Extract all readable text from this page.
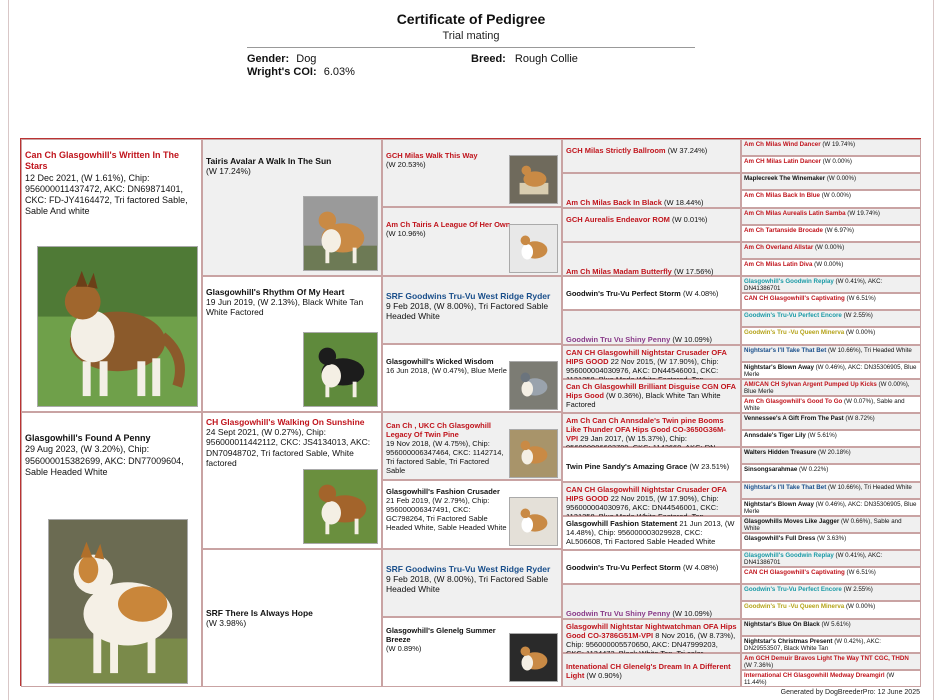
Certificate of Pedigree
Trial mating
Gender: Dog	Breed: Rough Collie
Wright's COI: 6.03%
Can Ch Glasgowhill's Written In The Stars
12 Dec 2021, (W 1.61%), Chip: 956000011437472, AKC: DN69871401, CKC: FD-JY4164472, Tri factored Sable, Sable And white
Glasgowhill's Found A Penny
29 Aug 2023, (W 3.20%), Chip: 956000015382699, AKC: DN77009604, Sable Headed White
Tairis Avalar A Walk In The Sun
(W 17.24%)
Glasgowhill's Rhythm Of My Heart
19 Jun 2019, (W 2.13%), Black White Tan White Factored
CH Glasgowhill's Walking On Sunshine
24 Sept 2021, (W 0.27%), Chip: 956000011442112, CKC: JS4134013, AKC: DN70948702, Tri factored Sable, White factored
SRF There Is Always Hope
(W 3.98%)
GCH Milas Walk This Way
(W 20.53%)
Am Ch Tairis A League Of Her Own
(W 10.96%)
SRF Goodwins Tru-Vu West Ridge Ryder
9 Feb 2018, (W 8.00%), Tri Factored Sable Headed White
Glasgowhill's Wicked Wisdom
16 Jun 2018, (W 0.47%), Blue Merle
Can Ch , UKC Ch Glasgowhill Legacy Of Twin Pine
19 Nov 2018, (W 4.75%), Chip: 956000006347464, CKC: 1142714, Tri factored Sable, Tri Factored Sable
Glasgowhill's Fashion Crusader
21 Feb 2019, (W 2.79%), Chip: 956000006347491, CKC: GC798264, Tri Factored Sable Headed White, Sable Headed White
SRF Goodwins Tru-Vu West Ridge Ryder
9 Feb 2018, (W 8.00%), Tri Factored Sable Headed White
Glasgowhill's Glenelg Summer Breeze
(W 0.89%)
GCH Milas Strictly Ballroom (W 37.24%)
Am Ch Milas Back In Black (W 18.44%)
GCH Aurealis Endeavor ROM (W 0.01%)
Am Ch Milas Madam Butterfly (W 17.56%)
Goodwin's Tru-Vu Perfect Storm (W 4.08%)
Goodwin Tru Vu Shiny Penny (W 10.09%)
CAN CH Glasgowhill Nightstar Crusader OFA HIPS GOOD 22 Nov 2015, (W 17.90%), Chip: 956000004030976, AKC: DN44546001, CKC:
Can Ch Glasgowhill Brilliant Disguise CGN OFA Hips Good (W 0.36%), Black White Tan White Factored
Am Ch Can Ch Annsdale's Twin pine Booms Like Thunder OFA Hips Good CO-3650G36M-VPI 29 Jan 2017, (W 15.37%), Chip:
Twin Pine Sandy's Amazing Grace (W 23.51%)
CAN CH Glasgowhill Nightstar Crusader OFA HIPS GOOD 22 Nov 2015, (W 17.90%), Chip: 956000004030976, AKC: DN44546001, CKC:
Glasgowhill Fashion Statement 21 Jun 2013, (W 14.48%), Chip: 956000003029928, CKC: AL506608, Tri Factored Sable Headed White
Goodwin's Tru-Vu Perfect Storm (W 4.08%)
Goodwin Tru Vu Shiny Penny (W 10.09%)
Glasgowhill Nightstar Nightwatchman OFA Hips Good CO-3786G51M-VPI 8 Nov 2016, (W 8.73%), Chip: 956000005570650, AKC: DN47999203,
Intenational CH Glenelg's Dream In A Different Light (W 0.90%)
Am Ch Milas Wind Dancer (W 19.74%)
Am CH Milas Latin Dancer (W 0.00%)
Maplecreek The Winemaker (W 0.00%)
Am Ch Milas Back In Blue (W 0.00%)
Am Ch Milas Aurealis Latin Samba (W 19.74%)
Am Ch Tartanside Brocade (W 6.97%)
Am Ch Overland Allstar (W 0.00%)
Am Ch Milas Latin Diva (W 0.00%)
Glasgowhill's Goodwin Replay (W 0.41%), AKC: DN41386701
CAN CH Glasgowhill's Captivating (W 6.51%)
Goodwin's Tru-Vu Perfect Encore (W 2.55%)
Goodwin's Tru -Vu Queen Minerva (W 0.00%)
Nightstar's I'll Take That Bet (W 10.66%), Tri Headed White
Nightstar's Blown Away (W 0.46%), AKC: DN35306905, Blue Merle
AM/CAN CH Sylvan Argent Pumped Up Kicks (W 0.00%), Blue Merle
Am Ch Glasgowhill's Good To Go (W 0.07%), Sable and White
Vennessee's A Gift From The Past (W 8.72%)
Annsdale's Tiger Lily (W 5.61%)
Walters Hidden Treasure (W 20.18%)
Sinsongsarahmae (W 0.22%)
Nightstar's I'll Take That Bet (W 10.66%), Tri Headed White
Nightstar's Blown Away (W 0.46%), AKC: DN35306905, Blue Merle
Glasgowhills Moves Like Jagger (W 0.66%), Sable and White
Glasgowhill's Full Dress (W 3.63%)
Glasgowhill's Goodwin Replay (W 0.41%), AKC: DN41386701
CAN CH Glasgowhill's Captivating (W 6.51%)
Goodwin's Tru-Vu Perfect Encore (W 2.55%)
Goodwin's Tru -Vu Queen Minerva (W 0.00%)
Nightstar's Blue On Black (W 5.61%)
Nightstar's Christmas Present (W 0.42%), AKC: DN29553507, Black White Tan
Am GCH Demuir Bravos Light The Way TNT CGC, THDN (W 7.36%)
International CH Glasgowhill Medway Dreamgirl (W 11.44%)
Generated by DogBreederPro: 12 June 2025
